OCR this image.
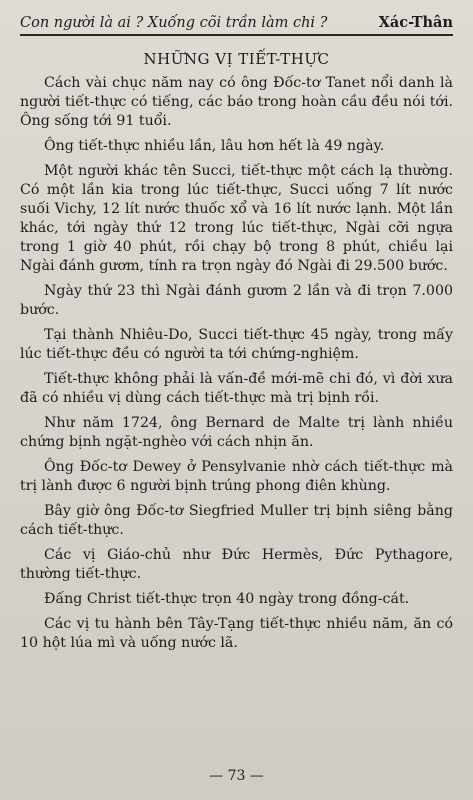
Con người là ai ? Xuống cõi trần làm chi ?	Xác-Thân
NHỮNG VỊ TIẾT-THỰC

Cách vài chục năm nay có ông Đốc-tơ Tanet nổi danh là người tiết-thực có tiếng, các báo trong hoàn cầu đều nói tới. Ông sống tới 91 tuổi.

Ông tiết-thực nhiều lần, lâu hơn hết là 49 ngày.

Một người khác tên Succi, tiết-thực một cách lạ thường. Có một lần kia trong lúc tiết-thực, Succi uống 7 lít nước suối Vichy, 12 lít nước thuốc xổ và 16 lít nước lạnh. Một lần khác, tới ngày thứ 12 trong lúc tiết-thực, Ngài cỡi ngựa trong 1 giờ 40 phút, rồi chạy bộ trong 8 phút, chiều lại Ngài đánh gươm, tính ra trọn ngày đó Ngài đi 29.500 bước.

Ngày thứ 23 thì Ngài đánh gươm 2 lần và đi trọn 7.000 bước.

Tại thành Nhiêu-Do, Succi tiết-thực 45 ngày, trong mấy lúc tiết-thực đều có người ta tới chứng-nghiệm.

Tiết-thực không phải là vấn-đề mới-mẽ chi đó, vì đời xưa đã có nhiều vị dùng cách tiết-thực mà trị bịnh rồi.

Như năm 1724, ông Bernard de Malte trị lành nhiều chứng bịnh ngặt-nghèo với cách nhịn ăn.

Ông Đốc-tơ Dewey ở Pensylvanie nhờ cách tiết-thực mà trị lành được 6 người bịnh trúng phong điên khùng.

Bây giờ ông Đốc-tơ Siegfried Muller trị bịnh siêng bằng cách tiết-thực.

Các vị Giáo-chủ như Đức Hermès, Đức Pythagore, thường tiết-thực.

Đấng Christ tiết-thực trọn 40 ngày trong đồng-cát.

Các vị tu hành bên Tây-Tạng tiết-thực nhiều năm, ăn có 10 hột lúa mì và uống nước lã.

— 73 —
